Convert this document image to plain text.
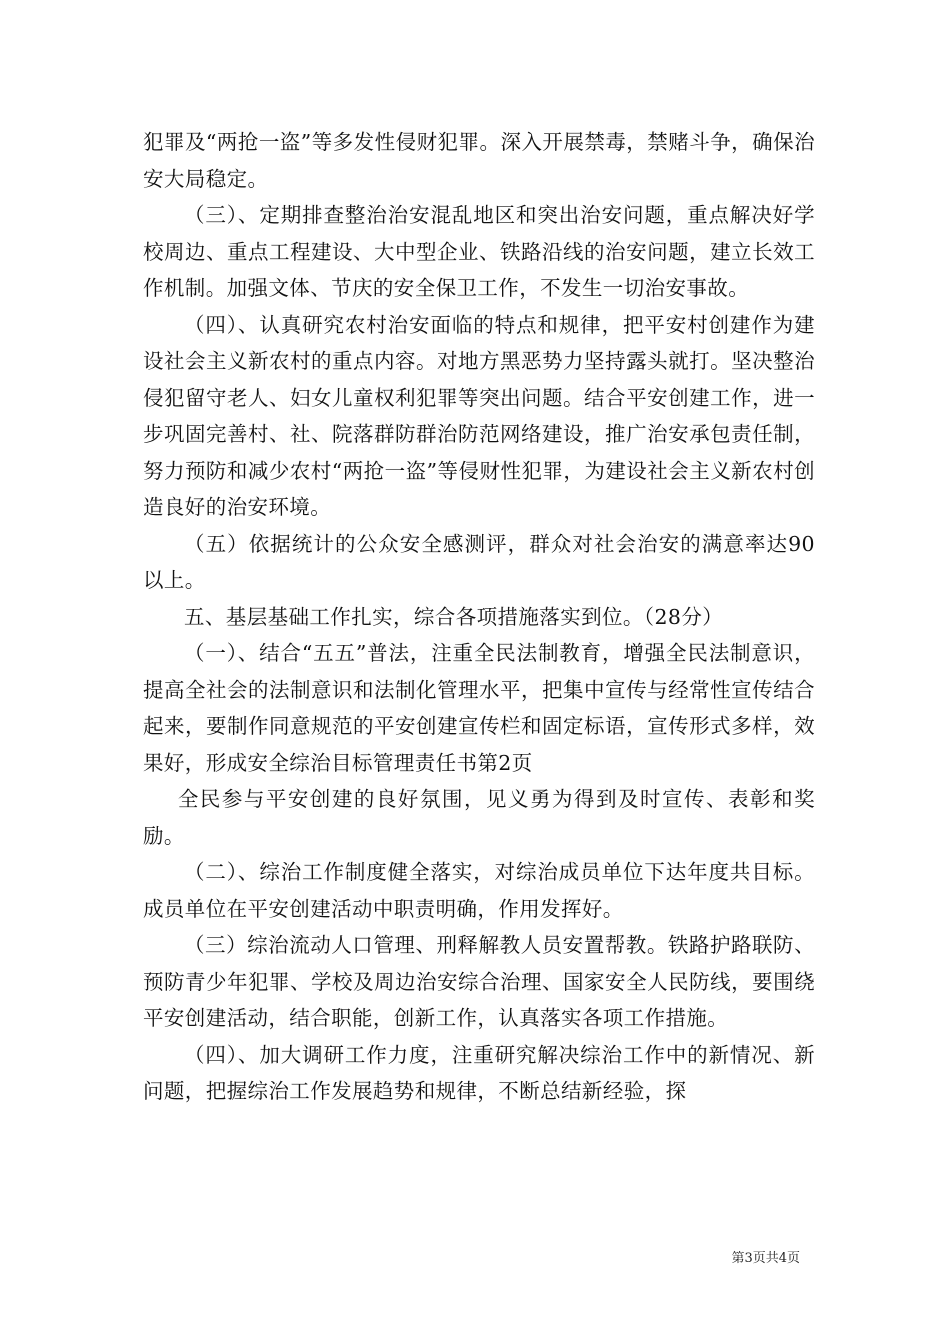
犯罪及“两抢一盗”等多发性侵财犯罪。深入开展禁毒，禁赌斗争，确保治安大局稳定。

（三）、定期排查整治治安混乱地区和突出治安问题，重点解决好学校周边、重点工程建设、大中型企业、铁路沿线的治安问题，建立长效工作机制。加强文体、节庆的安全保卫工作，不发生一切治安事故。

（四）、认真研究农村治安面临的特点和规律，把平安村创建作为建设社会主义新农村的重点内容。对地方黑恶势力坚持露头就打。坚决整治侵犯留守老人、妇女儿童权利犯罪等突出问题。结合平安创建工作，进一步巩固完善村、社、院落群防群治防范网络建设，推广治安承包责任制，努力预防和减少农村“两抢一盗”等侵财性犯罪，为建设社会主义新农村创造良好的治安环境。

（五）依据统计的公众安全感测评，群众对社会治安的满意率达90以上。

五、基层基础工作扎实，综合各项措施落实到位。（28分）

（一）、结合“五五”普法，注重全民法制教育，增强全民法制意识，提高全社会的法制意识和法制化管理水平，把集中宣传与经常性宣传结合起来，要制作同意规范的平安创建宣传栏和固定标语，宣传形式多样，效果好，形成安全综治目标管理责任书第2页

全民参与平安创建的良好氛围，见义勇为得到及时宣传、表彰和奖励。

（二）、综治工作制度健全落实，对综治成员单位下达年度共目标。成员单位在平安创建活动中职责明确，作用发挥好。

（三）综治流动人口管理、刑释解教人员安置帮教。铁路护路联防、预防青少年犯罪、学校及周边治安综合治理、国家安全人民防线，要围绕平安创建活动，结合职能，创新工作，认真落实各项工作措施。

（四）、加大调研工作力度，注重研究解决综治工作中的新情况、新问题，把握综治工作发展趋势和规律，不断总结新经验，探

第3页共4页
